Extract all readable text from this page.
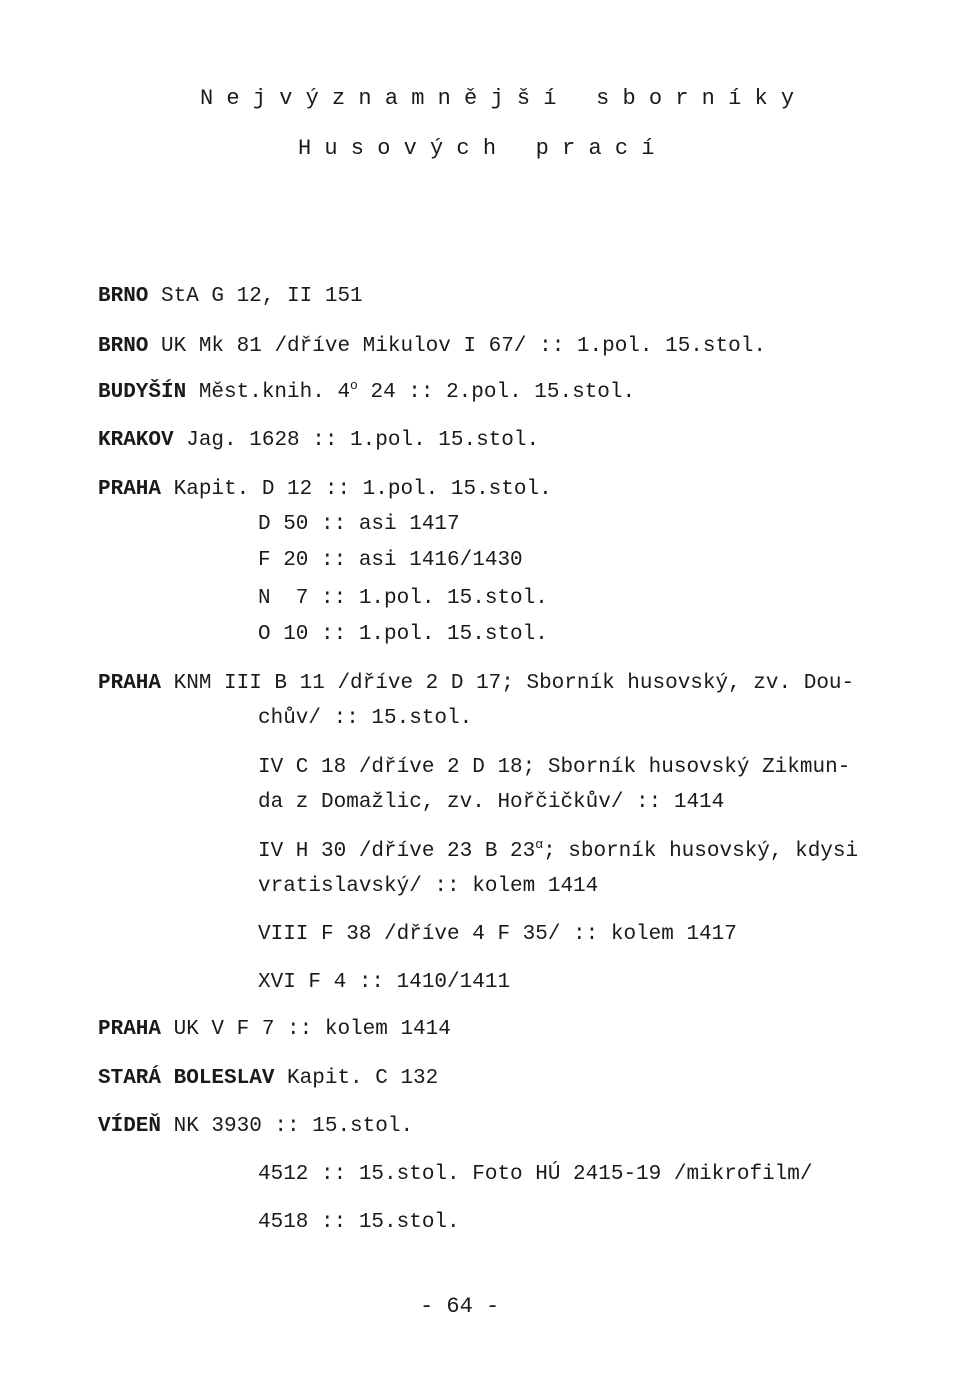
N e j v ý z n a m n ě j š í   s b o r n í k y
H u s o v ý c h   p r a c í
BRNO StA G 12, II 151
BRNO UK Mk 81 /dříve Mikulov I 67/ :: 1.pol. 15.stol.
BUDYŠÍN Měst.knih. 4$^o$ 24 :: 2.pol. 15.stol.
KRAKOV Jag. 1628 :: 1.pol. 15.stol.
PRAHA Kapit. D 12 :: 1.pol. 15.stol.
D 50 :: asi 1417
F 20 :: asi 1416/1430
N  7 :: 1.pol. 15.stol.
O 10 :: 1.pol. 15.stol.
PRAHA KNM III B 11 /dříve 2 D 17; Sborník husovský, zv. Dou-
chův/ :: 15.stol.
IV C 18 /dříve 2 D 18; Sborník husovský Zikmun-
da z Domažlic, zv. Hořčičkův/ :: 1414
IV H 30 /dříve 23 B $23^\alpha$; sborník husovský, kdysi
vratislavský/ :: kolem 1414
VIII F 38 /dříve 4 F 35/ :: kolem 1417
XVI F 4 :: 1410/1411
PRAHA UK V F 7 :: kolem 1414
STARÁ BOLESLAV Kapit. C 132
VÍDEŇ NK 3930 :: 15.stol.
4512 :: 15.stol. Foto HÚ 2415-19 /mikrofilm/
4518 :: 15.stol.
- 64 -
